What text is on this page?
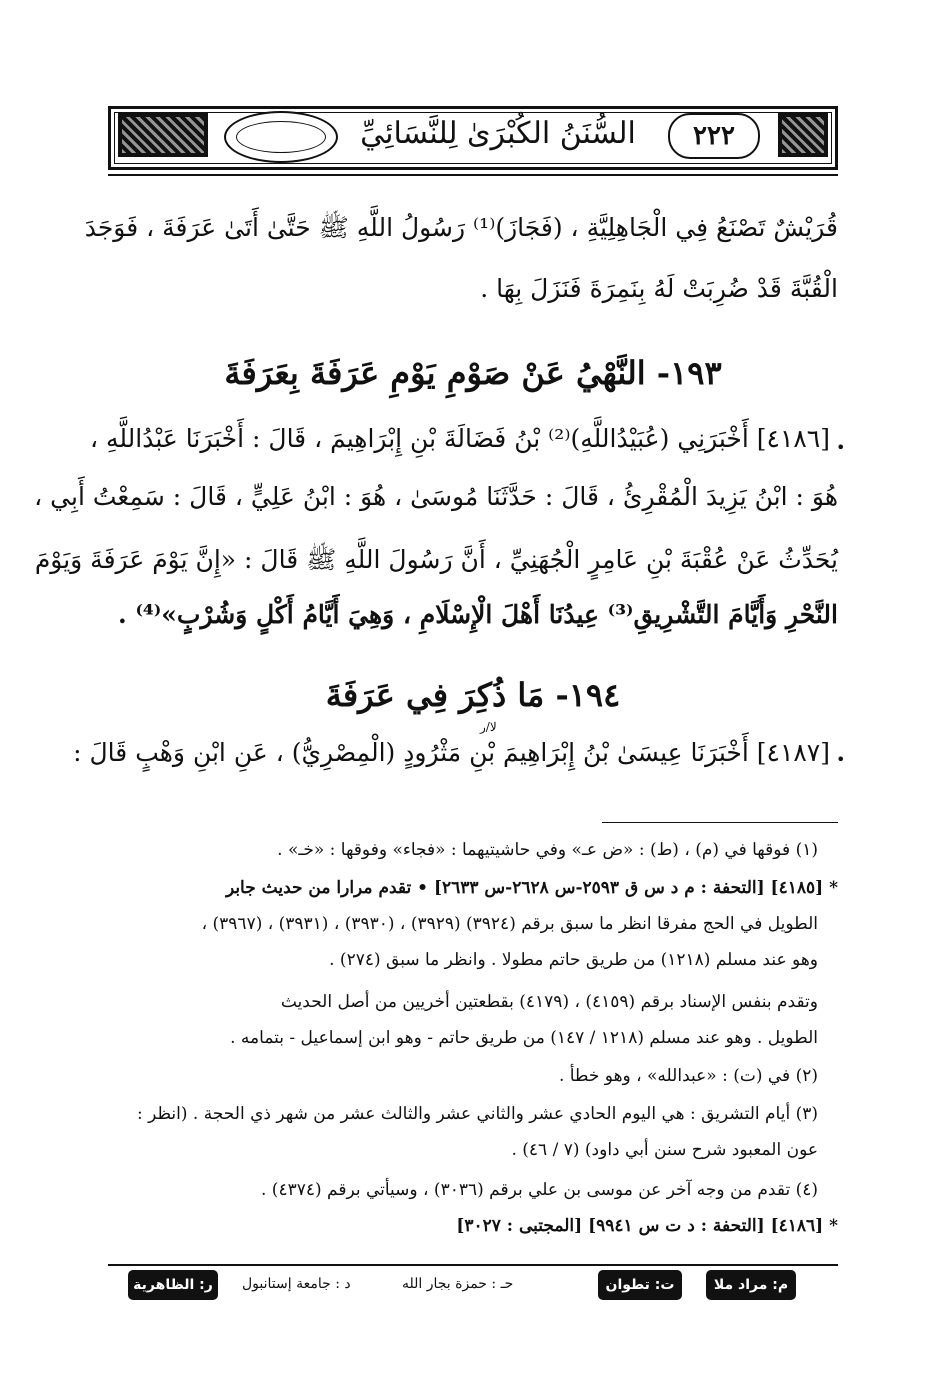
السُّنَنُ الكُبْرَىٰ لِلنَّسَائِيِّ	٢٢٢
قُرَيْشٌ تَصْنَعُ فِي الْجَاهِلِيَّةِ ، (فَجَازَ)⁽¹⁾ رَسُولُ اللَّهِ ﷺ حَتَّىٰ أَتَىٰ عَرَفَةَ ، فَوَجَدَ
الْقُبَّةَ قَدْ ضُرِبَتْ لَهُ بِنَمِرَةَ فَنَزَلَ بِهَا .
١٩٣- النَّهْيُ عَنْ صَوْمِ يَوْمِ عَرَفَةَ بِعَرَفَةَ
•
[٤١٨٦] أَخْبَرَنِي (عُبَيْدُاللَّهِ)⁽²⁾ بْنُ فَضَالَةَ بْنِ إِبْرَاهِيمَ ، قَالَ : أَخْبَرَنَا عَبْدُاللَّهِ ،
هُوَ : ابْنُ يَزِيدَ الْمُقْرِئُ ، قَالَ : حَدَّثَنَا مُوسَىٰ ، هُوَ : ابْنُ عَلِيٍّ ، قَالَ : سَمِعْتُ أَبِي ،
يُحَدِّثُ عَنْ عُقْبَةَ بْنِ عَامِرٍ الْجُهَنِيِّ ، أَنَّ رَسُولَ اللَّهِ ﷺ قَالَ : «إِنَّ يَوْمَ عَرَفَةَ وَيَوْمَ
النَّحْرِ وَأَيَّامَ التَّشْرِيقِ⁽³⁾ عِيدُنَا أَهْلَ الْإِسْلَامِ ، وَهِيَ أَيَّامُ أَكْلٍ وَشُرْبٍ»⁽⁴⁾ .
١٩٤- مَا ذُكِرَ فِي عَرَفَةَ
لا/ر
•
[٤١٨٧] أَخْبَرَنَا عِيسَىٰ بْنُ إِبْرَاهِيمَ بْنِ مَثْرُودٍ (الْمِصْرِيُّ) ، عَنِ ابْنِ وَهْبٍ قَالَ :
(١) فوقها في (م) ، (ط) : «ض عـ» وفي حاشيتيهما : «فجاء» وفوقها : «خـ» .
* [٤١٨٥] [التحفة : م د س ق ٢٥٩٣-س ٢٦٢٨-س ٢٦٣٣] • تقدم مرارا من حديث جابر
الطويل في الحج مفرقا انظر ما سبق برقم (٣٩٢٤) (٣٩٢٩) ، (٣٩٣٠) ، (٣٩٣١) ، (٣٩٦٧) ،
وهو عند مسلم (١٢١٨) من طريق حاتم مطولا . وانظر ما سبق (٢٧٤) .
وتقدم بنفس الإسناد برقم (٤١٥٩) ، (٤١٧٩) بقطعتين أخريين من أصل الحديث
الطويل . وهو عند مسلم (١٢١٨ / ١٤٧) من طريق حاتم - وهو ابن إسماعيل - بتمامه .
(٢) في (ت) : «عبدالله» ، وهو خطأ .
(٣) أيام التشريق : هي اليوم الحادي عشر والثاني عشر والثالث عشر من شهر ذي الحجة . (انظر :
عون المعبود شرح سنن أبي داود) (٧ / ٤٦) .
(٤) تقدم من وجه آخر عن موسى بن علي برقم (٣٠٣٦) ، وسيأتي برقم (٤٣٧٤) .
* [٤١٨٦] [التحفة : د ت س ٩٩٤١] [المجتبى : ٣٠٢٧]
م: مراد ملا
ت: تطوان
حـ : حمزة بجار الله
د : جامعة إستانبول
ر: الظاهرية
